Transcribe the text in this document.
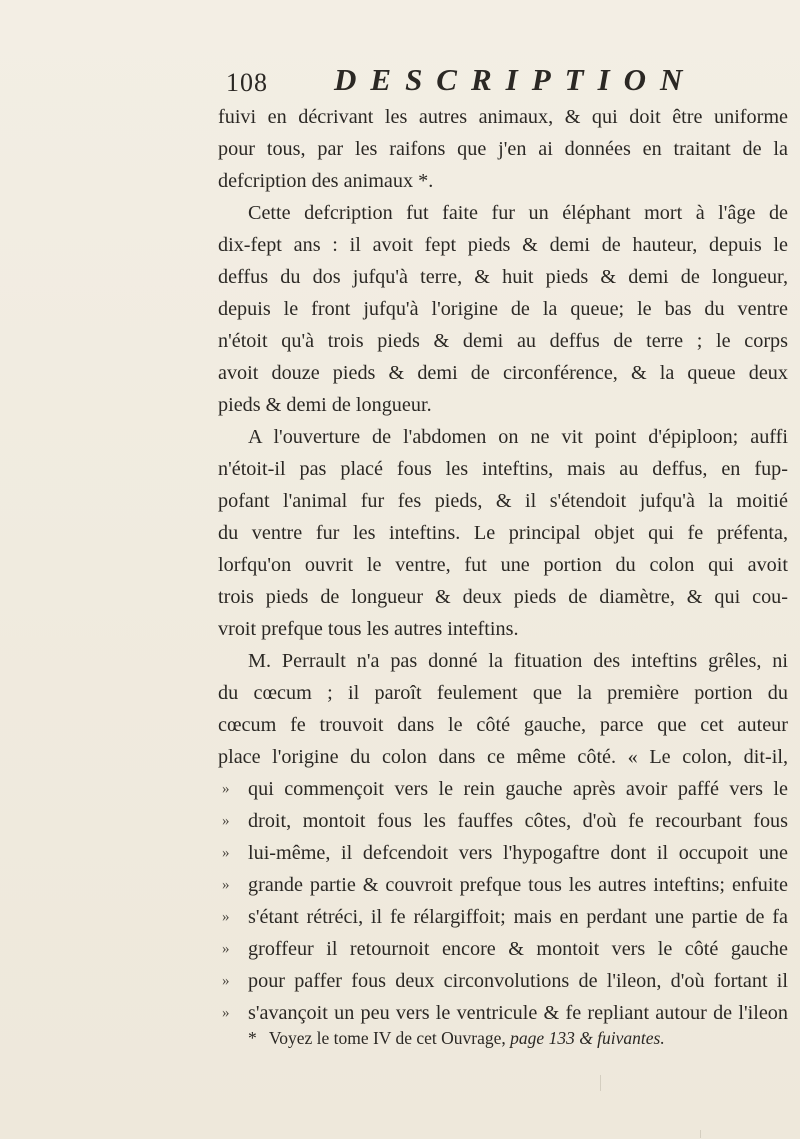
108 DESCRIPTION
fuivi en décrivant les autres animaux, & qui doit être uniforme
pour tous, par les raifons que j'en ai données en traitant de la
defcription des animaux *.
Cette defcription fut faite fur un éléphant mort à l'âge de
dix-fept ans : il avoit fept pieds & demi de hauteur, depuis le
deffus du dos jufqu'à terre, & huit pieds & demi de longueur,
depuis le front jufqu'à l'origine de la queue; le bas du ventre
n'étoit qu'à trois pieds & demi au deffus de terre ; le corps
avoit douze pieds & demi de circonférence, & la queue deux
pieds & demi de longueur.
A l'ouverture de l'abdomen on ne vit point d'épiploon; auffi
n'étoit-il pas placé fous les inteftins, mais au deffus, en fup-
pofant l'animal fur fes pieds, & il s'étendoit jufqu'à la moitié
du ventre fur les inteftins. Le principal objet qui fe préfenta,
lorfqu'on ouvrit le ventre, fut une portion du colon qui avoit
trois pieds de longueur & deux pieds de diamètre, & qui cou-
vroit prefque tous les autres inteftins.
M. Perrault n'a pas donné la fituation des inteftins grêles, ni
du cœcum ; il paroît feulement que la première portion du
cœcum fe trouvoit dans le côté gauche, parce que cet auteur
place l'origine du colon dans ce même côté. « Le colon, dit-il,
» qui commençoit vers le rein gauche après avoir paffé vers le
» droit, montoit fous les fauffes côtes, d'où fe recourbant fous
» lui-même, il defcendoit vers l'hypogaftre dont il occupoit une
» grande partie & couvroit prefque tous les autres inteftins; enfuite
» s'étant rétréci, il fe rélargiffoit; mais en perdant une partie de fa
» groffeur il retournoit encore & montoit vers le côté gauche
» pour paffer fous deux circonvolutions de l'ileon, d'où fortant il
» s'avançoit un peu vers le ventricule & fe repliant autour de l'ileon
* Voyez le tome IV de cet Ouvrage, page 133 & fuivantes.
